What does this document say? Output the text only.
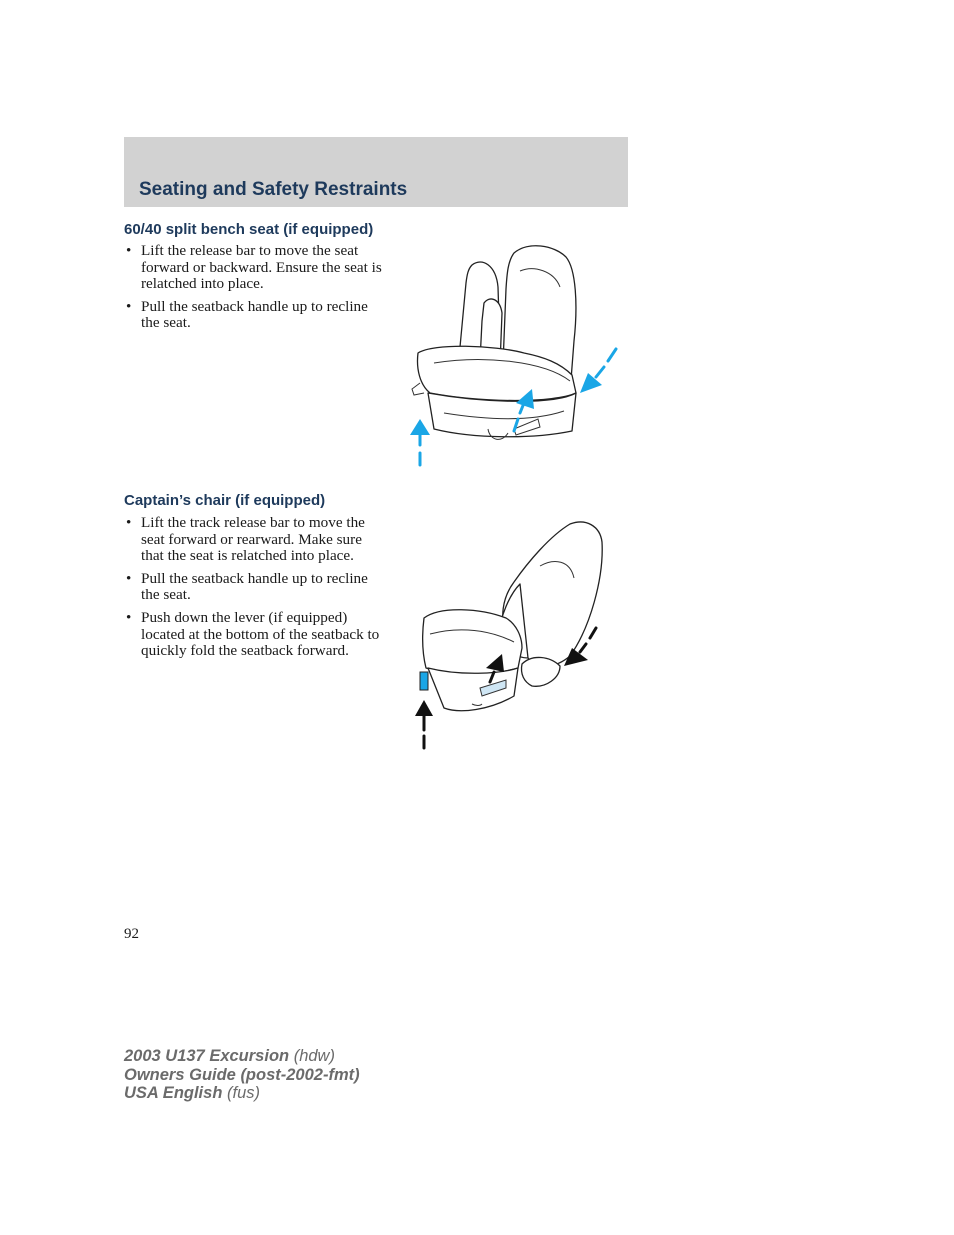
Seating and Safety Restraints
60/40 split bench seat (if equipped)
• Lift the release bar to move the seat forward or backward. Ensure the seat is relatched into place.
• Pull the seatback handle up to recline the seat.
Captain’s chair (if equipped)
• Lift the track release bar to move the seat forward or rearward. Make sure that the seat is relatched into place.
• Pull the seatback handle up to recline the seat.
• Push down the lever (if equipped) located at the bottom of the seatback to quickly fold the seatback forward.
92
2003 U137 Excursion (hdw)
Owners Guide (post-2002-fmt)
USA English (fus)
